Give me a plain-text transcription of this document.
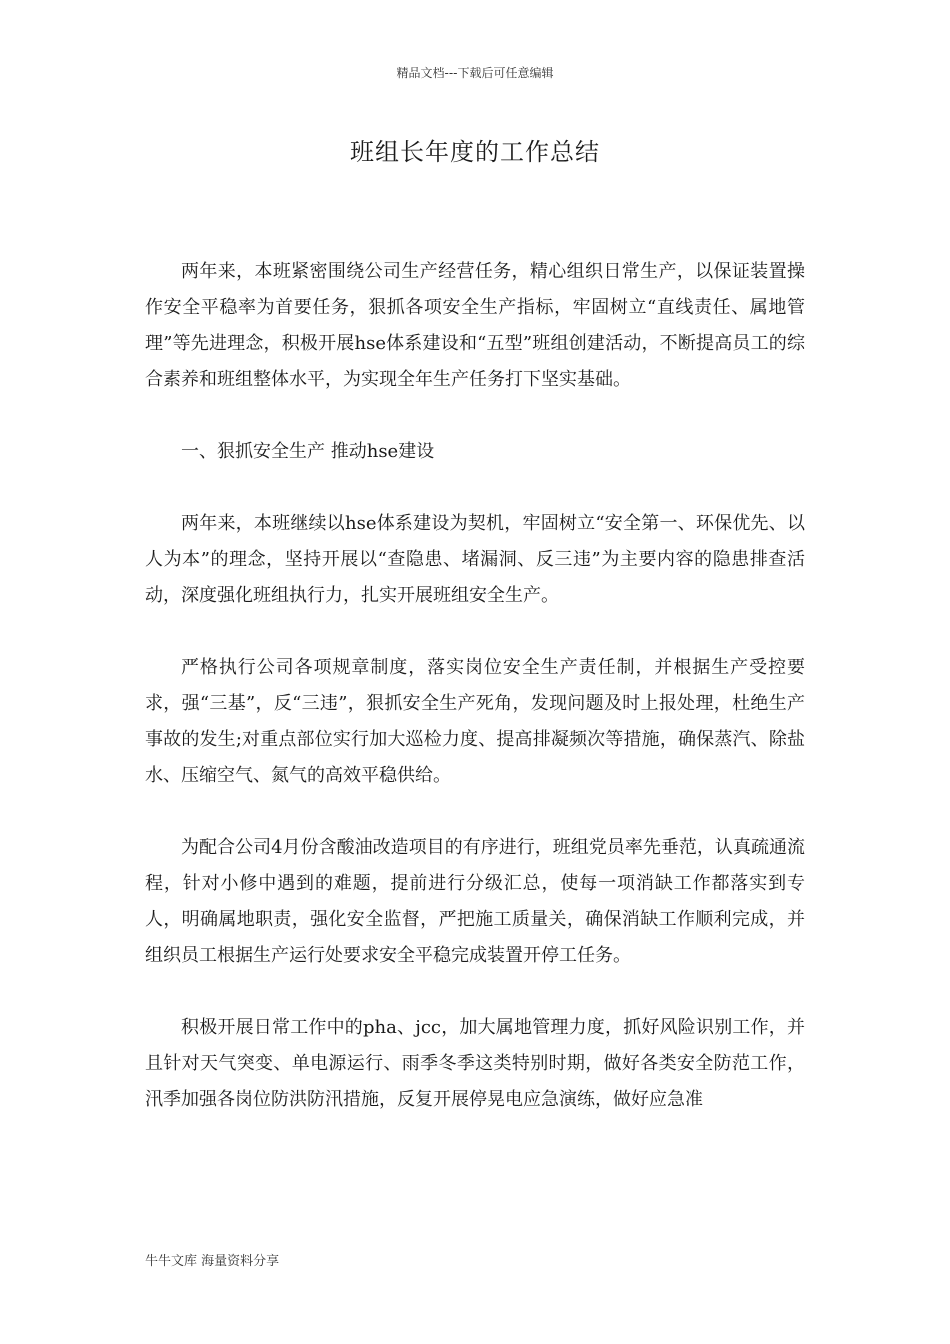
精品文档---下载后可任意编辑
班组长年度的工作总结

两年来，本班紧密围绕公司生产经营任务，精心组织日常生产，以保证装置操作安全平稳率为首要任务，狠抓各项安全生产指标，牢固树立“直线责任、属地管理”等先进理念，积极开展hse体系建设和“五型”班组创建活动，不断提高员工的综合素养和班组整体水平，为实现全年生产任务打下坚实基础。

一、狠抓安全生产 推动hse建设

两年来，本班继续以hse体系建设为契机，牢固树立“安全第一、环保优先、以人为本”的理念，坚持开展以“查隐患、堵漏洞、反三违”为主要内容的隐患排查活动，深度强化班组执行力，扎实开展班组安全生产。

严格执行公司各项规章制度，落实岗位安全生产责任制，并根据生产受控要求，强“三基”，反“三违”，狠抓安全生产死角，发现问题及时上报处理，杜绝生产事故的发生;对重点部位实行加大巡检力度、提高排凝频次等措施，确保蒸汽、除盐水、压缩空气、氮气的高效平稳供给。

为配合公司4月份含酸油改造项目的有序进行，班组党员率先垂范，认真疏通流程，针对小修中遇到的难题，提前进行分级汇总，使每一项消缺工作都落实到专人，明确属地职责，强化安全监督，严把施工质量关，确保消缺工作顺利完成，并组织员工根据生产运行处要求安全平稳完成装置开停工任务。

积极开展日常工作中的pha、jcc，加大属地管理力度，抓好风险识别工作，并且针对天气突变、单电源运行、雨季冬季这类特别时期，做好各类安全防范工作，汛季加强各岗位防洪防汛措施，反复开展停晃电应急演练，做好应急准

牛牛文库 海量资料分享
